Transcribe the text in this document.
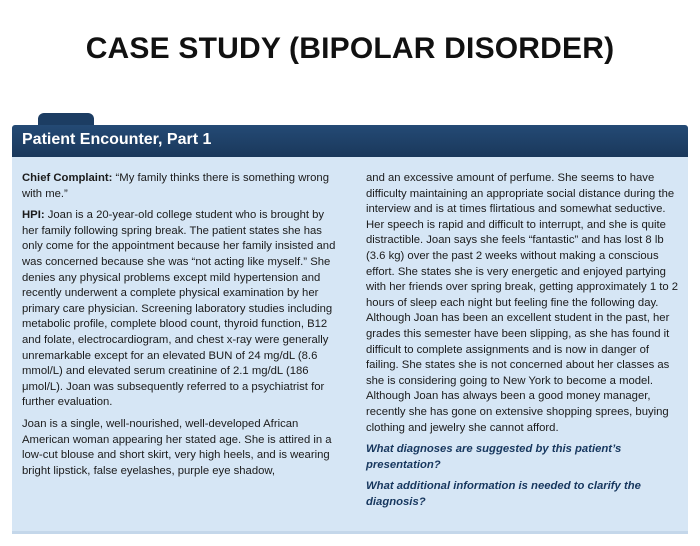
CASE STUDY (BIPOLAR DISORDER)
Patient Encounter, Part 1

Chief Complaint: “My family thinks there is something wrong with me.”

HPI: Joan is a 20-year-old college student who is brought by her family following spring break. The patient states she has only come for the appointment because her family insisted and was concerned because she was “not acting like myself.” She denies any physical problems except mild hypertension and recently underwent a complete physical examination by her primary care physician. Screening laboratory studies including metabolic profile, complete blood count, thyroid function, B12 and folate, electrocardiogram, and chest x-ray were generally unremarkable except for an elevated BUN of 24 mg/dL (8.6 mmol/L) and elevated serum creatinine of 2.1 mg/dL (186 μmol/L). Joan was subsequently referred to a psychiatrist for further evaluation.

Joan is a single, well-nourished, well-developed African American woman appearing her stated age. She is attired in a low-cut blouse and short skirt, very high heels, and is wearing bright lipstick, false eyelashes, purple eye shadow,

and an excessive amount of perfume. She seems to have difficulty maintaining an appropriate social distance during the interview and is at times flirtatious and somewhat seductive. Her speech is rapid and difficult to interrupt, and she is quite distractible. Joan says she feels “fantastic” and has lost 8 lb (3.6 kg) over the past 2 weeks without making a conscious effort. She states she is very energetic and enjoyed partying with her friends over spring break, getting approximately 1 to 2 hours of sleep each night but feeling fine the following day. Although Joan has been an excellent student in the past, her grades this semester have been slipping, as she has found it difficult to complete assignments and is now in danger of failing. She states she is not concerned about her classes as she is considering going to New York to become a model. Although Joan has always been a good money manager, recently she has gone on extensive shopping sprees, buying clothing and jewelry she cannot afford.

What diagnoses are suggested by this patient’s presentation?

What additional information is needed to clarify the diagnosis?
